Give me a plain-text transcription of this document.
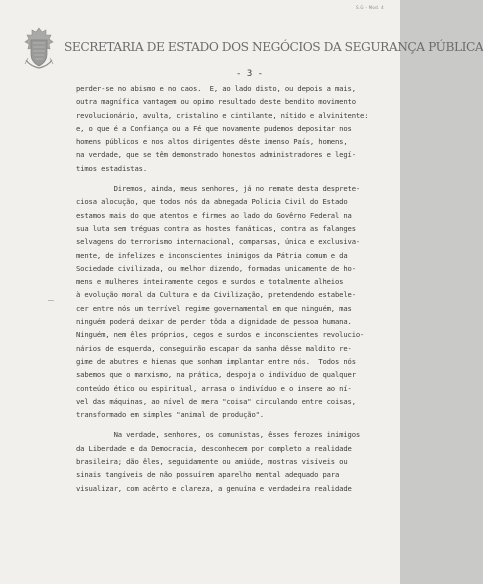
S.G - Mod. 4
SECRETARIA DE ESTADO DOS NEGÓCIOS DA SEGURANÇA PÚBLICA
- 3 -
perder-se no abismo e no caos.  E, ao lado disto, ou depois a mais,
outra magnífica vantagem ou opimo resultado deste bendito movimento
revolucionário, avulta, cristalino e cintilante, nítido e alvinitente:
e, o que é a Confiança ou a Fé que novamente pudemos depositar nos
homens públicos e nos altos dirigentes dêste imenso País, homens,
na verdade, que se têm demonstrado honestos administradores e legí-
timos estadistas.
Diremos, ainda, meus senhores, já no remate desta desprete-
ciosa alocução, que todos nós da abnegada Polícia Civil do Estado
estamos mais do que atentos e firmes ao lado do Govêrno Federal na
sua luta sem tréguas contra as hostes fanáticas, contra as falanges
selvagens do terrorismo internacional, comparsas, única e exclusiva-
mente, de infelizes e inconscientes inimigos da Pátria comum e da
Sociedade civilizada, ou melhor dizendo, formadas unicamente de ho-
mens e mulheres inteiramente cegos e surdos e totalmente alheios
à evolução moral da Cultura e da Civilização, pretendendo estabele-
cer entre nós um terrível regime governamental em que ninguém, mas
ninguém poderá deixar de perder tôda a dignidade de pessoa humana.
Ninguém, nem êles próprios, cegos e surdos e inconscientes revolucio-
nários de esquerda, conseguirão escapar da sanha dêsse maldito re-
gime de abutres e hienas que sonham implantar entre nós.  Todos nós
sabemos que o marxismo, na prática, despoja o indivíduo de qualquer
conteúdo ético ou espiritual, arrasa o indivíduo e o insere ao ní-
vel das máquinas, ao nível de mera "coisa" circulando entre coisas,
transformado em simples "animal de produção".
Na verdade, senhores, os comunistas, êsses ferozes inimigos
da Liberdade e da Democracia, desconhecem por completo a realidade
brasileira; dão êles, seguidamente ou amiúde, mostras visíveis ou
sinais tangíveis de não possuírem aparelho mental adequado para
visualizar, com acêrto e clareza, a genuína e verdadeira realidade
